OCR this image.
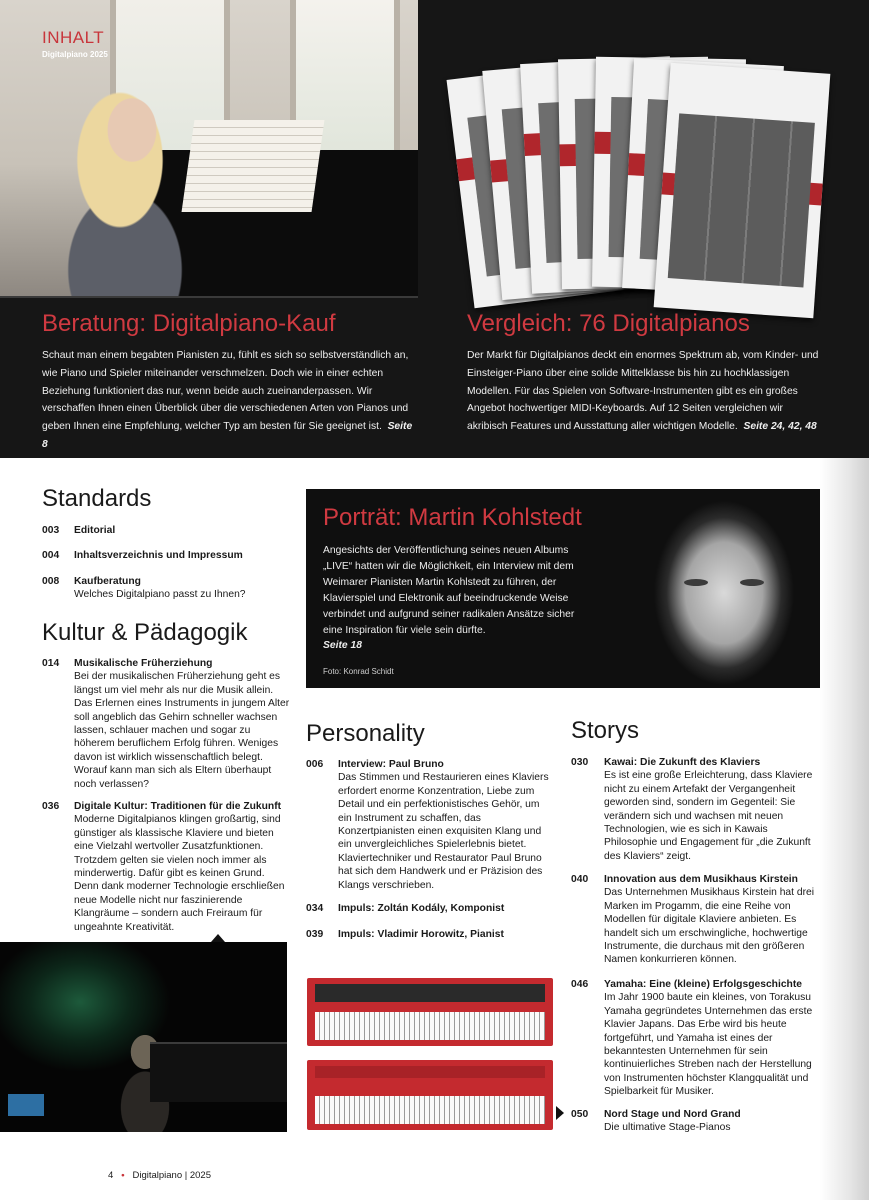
INHALT
Digitalpiano 2025
Beratung: Digitalpiano-Kauf
Schaut man einem begabten Pianisten zu, fühlt es sich so selbstverständlich an, wie Piano und Spieler miteinander verschmelzen. Doch wie in einer echten Beziehung funktioniert das nur, wenn beide auch zueinanderpassen. Wir verschaffen Ihnen einen Überblick über die verschiedenen Arten von Pianos und geben Ihnen eine Empfehlung, welcher Typ am besten für Sie geeignet ist. Seite 8
Vergleich: 76 Digitalpianos
Der Markt für Digitalpianos deckt ein enormes Spektrum ab, vom Kinder- und Einsteiger-Piano über eine solide Mittelklasse bis hin zu hochklassigen Modellen. Für das Spielen von Software-Instrumenten gibt es ein großes Angebot hochwertiger MIDI-Keyboards. Auf 12 Seiten vergleichen wir akribisch Features und Ausstattung aller wichtigen Modelle. Seite 24, 42, 48
Standards
003 Editorial
004 Inhaltsverzeichnis und Impressum
008 Kaufberatung
Welches Digitalpiano passt zu Ihnen?
Kultur & Pädagogik
014 Musikalische Früherziehung
Bei der musikalischen Früherziehung geht es längst um viel mehr als nur die Musik allein. Das Erlernen eines Instruments in jungem Alter soll angeblich das Gehirn schneller wachsen lassen, schlauer machen und sogar zu höherem beruflichem Erfolg führen. Weniges davon ist wirklich wissenschaftlich belegt. Worauf kann man sich als Eltern überhaupt noch verlassen?
036 Digitale Kultur: Traditionen für die Zukunft
Moderne Digitalpianos klingen großartig, sind günstiger als klassische Klaviere und bieten eine Vielzahl wertvoller Zusatzfunktionen. Trotzdem gelten sie vielen noch immer als minderwertig. Dafür gibt es keinen Grund. Denn dank moderner Technologie erschließen neue Modelle nicht nur faszinierende Klangräume – sondern auch Freiraum für ungeahnte Kreativität.
Porträt: Martin Kohlstedt
Angesichts der Veröffentlichung seines neuen Albums „LIVE“ hatten wir die Möglichkeit, ein Interview mit dem Weimarer Pianisten Martin Kohlstedt zu führen, der Klavierspiel und Elektronik auf beeindruckende Weise verbindet und aufgrund seiner radikalen Ansätze sicher eine Inspiration für viele sein dürfte.
Seite 18
Foto: Konrad Schidt
Personality
006 Interview: Paul Bruno
Das Stimmen und Restaurieren eines Klaviers erfordert enorme Konzentration, Liebe zum Detail und ein perfektionistisches Gehör, um ein Instrument zu schaffen, das Konzertpianisten einen exquisiten Klang und ein unvergleichliches Spielerlebnis bietet. Klaviertechniker und Restaurator Paul Bruno hat sich dem Handwerk und er Präzision des Klangs verschrieben.
034 Impuls: Zoltán Kodály, Komponist
039 Impuls: Vladimir Horowitz, Pianist
Storys
030 Kawai: Die Zukunft des Klaviers
Es ist eine große Erleichterung, dass Klaviere nicht zu einem Artefakt der Vergangenheit geworden sind, sondern im Gegenteil: Sie verändern sich und wachsen mit neuen Technologien, wie es sich in Kawais Philosophie und Engagement für „die Zukunft des Klaviers“ zeigt.
040 Innovation aus dem Musikhaus Kirstein
Das Unternehmen Musikhaus Kirstein hat drei Marken im Progamm, die eine Reihe von Modellen für digitale Klaviere anbieten. Es handelt sich um erschwingliche, hochwertige Instrumente, die durchaus mit den größeren Namen konkurrieren können.
046 Yamaha: Eine (kleine) Erfolgsgeschichte
Im Jahr 1900 baute ein kleines, von Torakusu Yamaha gegründetes Unternehmen das erste Klavier Japans. Das Erbe wird bis heute fortgeführt, und Yamaha ist eines der bekanntesten Unternehmen für sein kontinuierliches Streben nach der Herstellung von Instrumenten höchster Klangqualität und Spielbarkeit für Musiker.
050 Nord Stage und Nord Grand
Die ultimative Stage-Pianos
4 • Digitalpiano | 2025
